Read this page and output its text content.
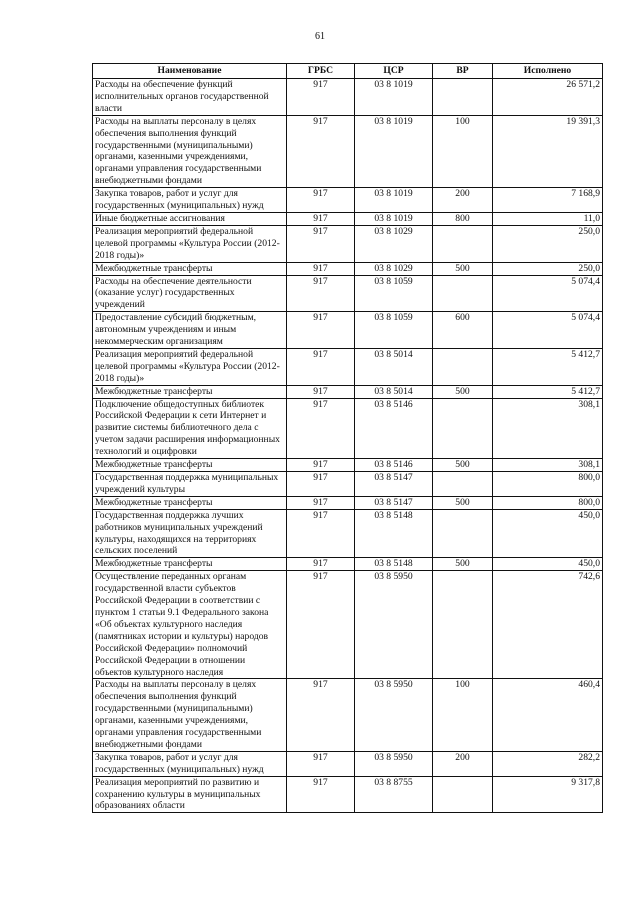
61
Наименование	ГРБС	ЦСР	ВР	Исполнено
Расходы на обеспечение функций исполнительных органов государственной власти	917	03 8 1019		26 571,2
Расходы на выплаты персоналу в целях обеспечения выполнения функций государственными (муниципальными) органами, казенными учреждениями, органами управления государственными внебюджетными фондами	917	03 8 1019	100	19 391,3
Закупка товаров, работ и услуг для государственных (муниципальных) нужд	917	03 8 1019	200	7 168,9
Иные бюджетные ассигнования	917	03 8 1019	800	11,0
Реализация мероприятий федеральной целевой программы «Культура России (2012-2018 годы)»	917	03 8 1029		250,0
Межбюджетные трансферты	917	03 8 1029	500	250,0
Расходы на обеспечение деятельности (оказание услуг) государственных учреждений	917	03 8 1059		5 074,4
Предоставление субсидий бюджетным, автономным учреждениям и иным некоммерческим организациям	917	03 8 1059	600	5 074,4
Реализация мероприятий федеральной целевой программы «Культура России (2012-2018 годы)»	917	03 8 5014		5 412,7
Межбюджетные трансферты	917	03 8 5014	500	5 412,7
Подключение общедоступных библиотек Российской Федерации к сети Интернет и развитие системы библиотечного дела с учетом задачи расширения информационных технологий и оцифровки	917	03 8 5146		308,1
Межбюджетные трансферты	917	03 8 5146	500	308,1
Государственная поддержка муниципальных учреждений культуры	917	03 8 5147		800,0
Межбюджетные трансферты	917	03 8 5147	500	800,0
Государственная поддержка лучших работников муниципальных учреждений культуры, находящихся на территориях сельских поселений	917	03 8 5148		450,0
Межбюджетные трансферты	917	03 8 5148	500	450,0
Осуществление переданных органам государственной власти субъектов Российской Федерации в соответствии с пунктом 1 статьи 9.1 Федерального закона «Об объектах культурного наследия (памятниках истории и культуры) народов Российской Федерации» полномочий Российской Федерации в отношении объектов культурного наследия	917	03 8 5950		742,6
Расходы на выплаты персоналу в целях обеспечения выполнения функций государственными (муниципальными) органами, казенными учреждениями, органами управления государственными внебюджетными фондами	917	03 8 5950	100	460,4
Закупка товаров, работ и услуг для государственных (муниципальных) нужд	917	03 8 5950	200	282,2
Реализация мероприятий по развитию и сохранению культуры в муниципальных образованиях области	917	03 8 8755		9 317,8
